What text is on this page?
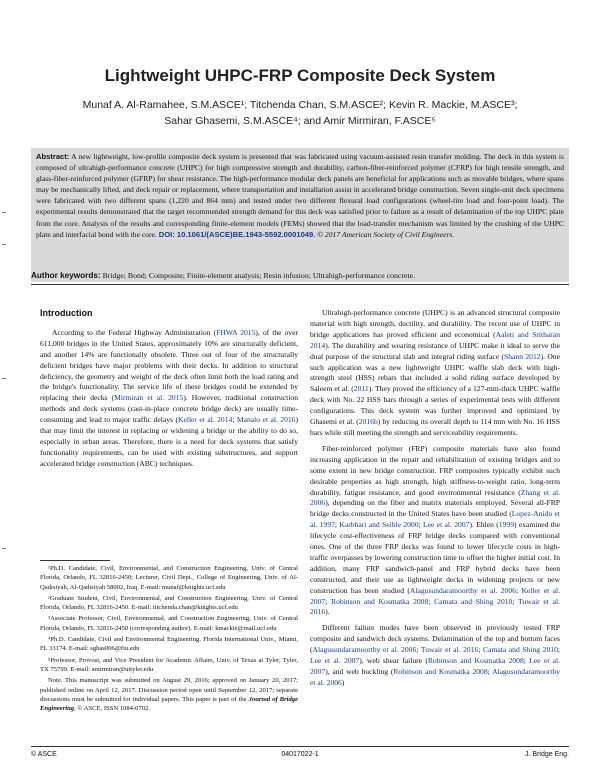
Lightweight UHPC-FRP Composite Deck System
Munaf A. Al-Ramahee, S.M.ASCE¹; Titchenda Chan, S.M.ASCE²; Kevin R. Mackie, M.ASCE³;
Sahar Ghasemi, S.M.ASCE⁴; and Amir Mirmiran, F.ASCE⁵
Abstract: A new lightweight, low-profile composite deck system is presented that was fabricated using vacuum-assisted resin transfer molding. The deck in this system is composed of ultrahigh-performance concrete (UHPC) for high compressive strength and durability, carbon-fiber-reinforced polymer (CFRP) for high tensile strength, and glass-fiber-reinforced polymer (GFRP) for shear resistance. The high-performance modular deck panels are beneficial for applications such as movable bridges, where spans may be mechanically lifted, and deck repair or replacement, where transportation and installation assist in accelerated bridge construction. Seven single-unit deck specimens were fabricated with two different spans (1,220 and 864 mm) and tested under two different flexural load configurations (wheel-tire load and four-point load). The experimental results demonstrated that the target recommended strength demand for this deck was satisfied prior to failure as a result of delamination of the top UHPC plate from the core. Analysis of the results and corresponding finite-element models (FEMs) showed that the load-transfer mechanism was limited by the crushing of the UHPC plate and interfacial bond with the core. DOI: 10.1061/(ASCE)BE.1943-5592.0001049. © 2017 American Society of Civil Engineers.
Author keywords: Bridge; Bond; Composite; Finite-element analysis; Resin infusion; Ultrahigh-performance concrete.
Introduction

According to the Federal Highway Administration (FHWA 2015), of the over 611,000 bridges in the United States, approximately 10% are structurally deficient, and another 14% are functionally obsolete. Three out of four of the structurally deficient bridges have major problems with their decks. In addition to structural deficiency, the geometry and weight of the deck often limit both the load rating and the bridge's functionality. The service life of these bridges could be extended by replacing their decks (Mirmiran et al. 2015). However, traditional construction methods and deck systems (cast-in-place concrete bridge deck) are usually time-consuming and lead to major traffic delays (Keller et al. 2014; Manalo et al. 2016) that may limit the interest in replacing or widening a bridge or the ability to do so, especially in urban areas. Therefore, there is a need for deck systems that satisfy functionality requirements, can be used with existing substructures, and support accelerated bridge construction (ABC) techniques.

¹Ph.D. Candidate, Civil, Environmental, and Construction Engineering, Univ. of Central Florida, Orlando, FL 32816-2450; Lecturer, Civil Dept., College of Engineering, Univ. of Al-Qadisiyah, Al-Qadisiyah 58002, Iraq. E-mail: munaf@knights.ucf.edu

²Graduate Student, Civil, Environmental, and Construction Engineering, Univ. of Central Florida, Orlando, FL 32816-2450. E-mail: titchenda.chan@knights.ucf.edu

³Associate Professor, Civil, Environmental, and Construction Engineering, Univ. of Central Florida, Orlando, FL 32816-2450 (corresponding author). E-mail: kmackie@mail.ucf.edu

⁴Ph.D. Candidate, Civil and Environmental Engineering, Florida International Univ., Miami, FL 33174. E-mail: sghas006@fiu.edu

⁵Professor, Provost, and Vice President for Academic Affairs, Univ. of Texas at Tyler, Tyler, TX 75799. E-mail: amirmiran@uttyler.edu

Note. This manuscript was submitted on August 29, 2016; approved on January 20, 2017; published online on April 12, 2017. Discussion period open until September 12, 2017; separate discussions must be submitted for individual papers. This paper is part of the Journal of Bridge Engineering, © ASCE, ISSN 1084-0702.

Ultrahigh-performance concrete (UHPC) is an advanced structural composite material with high strength, ductility, and durability. The recent use of UHPC in bridge applications has proved efficient and economical (Aaleti and Sritharan 2014). The durability and wearing resistance of UHPC make it ideal to serve the dual purpose of the structural slab and integral riding surface (Shann 2012). One such application was a new lightweight UHPC waffle slab deck with high-strength steel (HSS) rebars that included a solid riding surface developed by Saleem et al. (2011). They proved the efficiency of a 127-mm-thick UHPC waffle deck with No. 22 HSS bars through a series of experimental tests with different configurations. This deck system was further improved and optimized by Ghasemi et al. (2016b) by reducing its overall depth to 114 mm with No. 16 HSS bars while still meeting the strength and serviceability requirements.

Fiber-reinforced polymer (FRP) composite materials have also found increasing application in the repair and rehabilitation of existing bridges and to some extent in new bridge construction. FRP composites typically exhibit such desirable properties as high strength, high stiffness-to-weight ratio, long-term durability, fatigue resistance, and good environmental resistance (Zhang et al. 2006), depending on the fiber and matrix materials employed. Several all-FRP bridge decks constructed in the United States have been studied (Lopez-Anido et al. 1997; Karbhari and Seible 2000; Lee et al. 2007). Ehlen (1999) examined the lifecycle cost-effectiveness of FRP bridge decks compared with conventional ones. One of the three FRP decks was found to lower lifecycle costs in high-traffic overpasses by lowering construction time to offset the higher initial cost. In addition, many FRP sandwich-panel and FRP hybrid decks have been constructed, and their use as lightweight decks in widening projects or new construction has been studied (Alagusundaramoorthy et al. 2006; Keller et al. 2007; Robinson and Kosmatka 2008; Camata and Shing 2010; Tuwair et al. 2016).

Different failure modes have been observed in previously tested FRP composite and sandwich deck systems. Delamination of the top and bottom faces (Alagusundaramoorthy et al. 2006; Tuwair et al. 2016; Camata and Shing 2010; Lee et al. 2007), web shear failure (Robinson and Kosmatka 2008; Lee et al. 2007), and web buckling (Robinson and Kosmatka 2008; Alagusundaramoorthy et al. 2006)

© ASCE	04017022-1	J. Bridge Eng.
